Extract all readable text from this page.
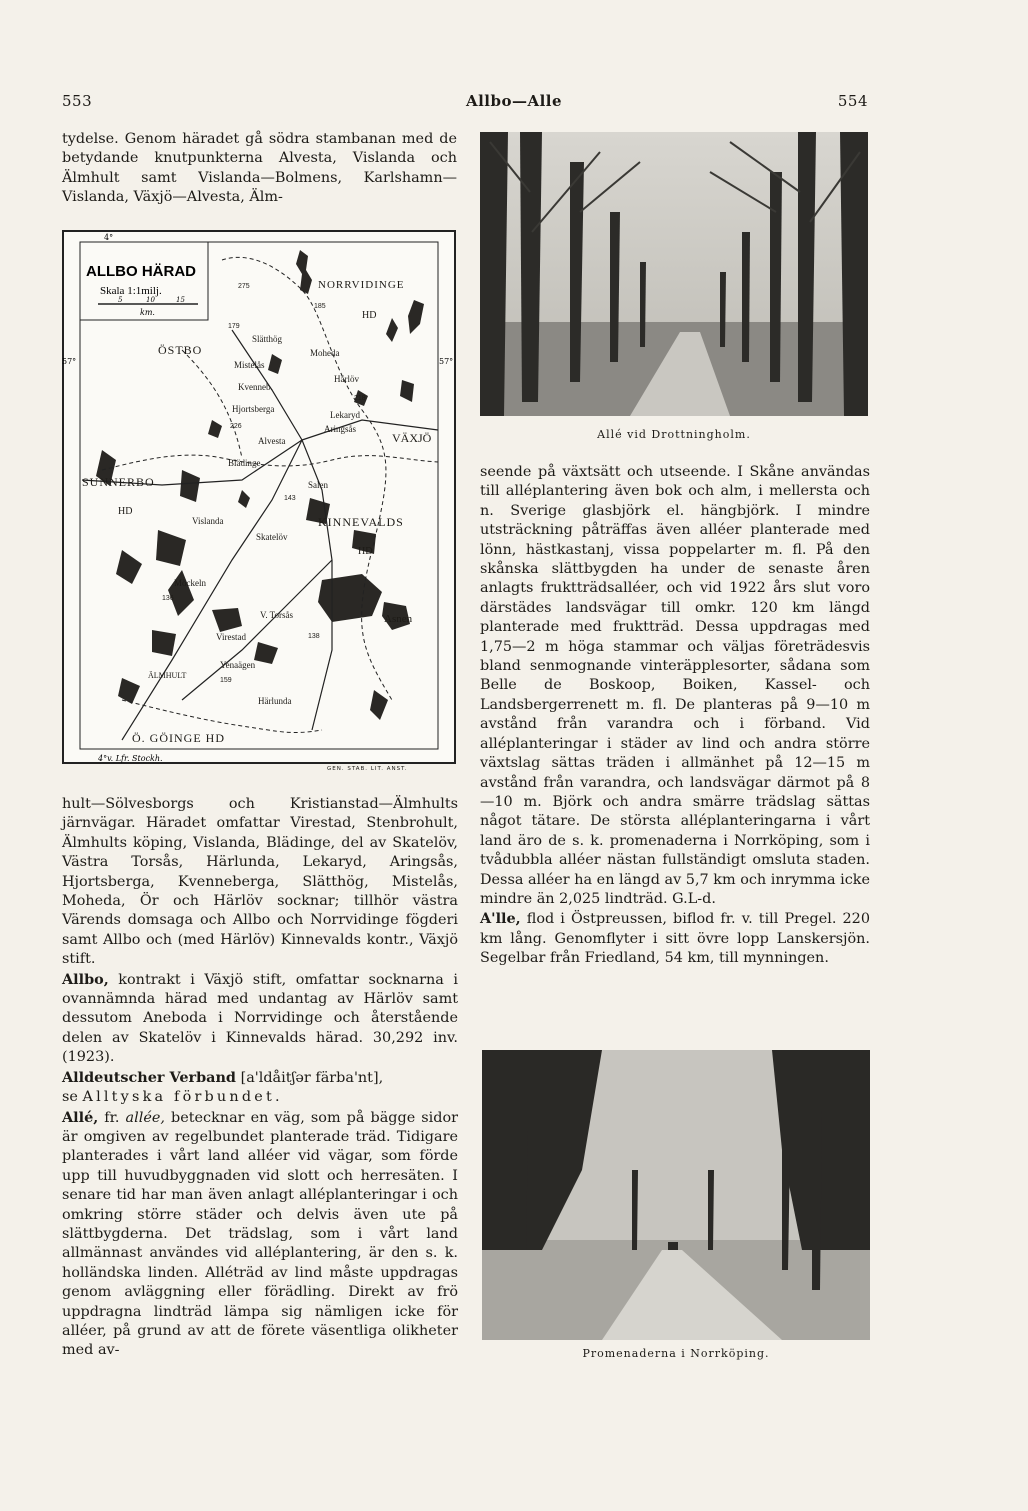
553	Allbo—Alle	554

tydelse. Genom häradet gå södra stambanan med de betydande knutpunkterna Alvesta, Vislanda och Älmhult samt Vislanda—Bolmens, Karlshamn—Vislanda, Växjö—Alvesta, Älm-

ALLBO HÄRAD
Skala 1:1milj.
5	10	15
km.
4°
57°	57°
4°v. Lfr. Stockh.
NORRVIDINGE
HD
ÖSTBO
Slätthög
Mistelås
Moheda
Kvenneb.
Hjortsberga
Härlöv
Lekaryd
Aringsås
Alvesta	VÄXJÖ
SUNNERBO
Blädinge
Salen
Vislanda	KINNEVALDS
HD
HD
Skatelöv
Möckeln
V. Torsås	Asnen
Virestad
Yenaägen
ÄLMHULT
Härlunda
Ö. GÖINGE HD
275
185
179
218
226
143
136
138
159
GEN. STAB. LIT. ANST.

hult—Sölvesborgs och Kristianstad—Älmhults järnvägar. Häradet omfattar Virestad, Stenbrohult, Älmhults köping, Vislanda, Blädinge, del av Skatelöv, Västra Torsås, Härlunda, Lekaryd, Aringsås, Hjortsberga, Kvenneberga, Slätthög, Mistelås, Moheda, Ör och Härlöv socknar; tillhör västra Värends domsaga och Allbo och Norrvidinge fögderi samt Allbo och (med Härlöv) Kinnevalds kontr., Växjö stift.

Allbo, kontrakt i Växjö stift, omfattar socknarna i ovannämnda härad med undantag av Härlöv samt dessutom Aneboda i Norrvidinge och återstående delen av Skatelöv i Kinnevalds härad. 30,292 inv. (1923).

Alldeutscher Verband [a'ldåitʃər färba'nt],
se Alltyska förbundet.

Allé, fr. allée, betecknar en väg, som på bägge sidor är omgiven av regelbundet planterade träd. Tidigare planterades i vårt land alléer vid vägar, som förde upp till huvudbyggnaden vid slott och herresäten. I senare tid har man även anlagt alléplanteringar i och omkring större städer och delvis även ute på slättbygderna. Det trädslag, som i vårt land allmännast användes vid alléplantering, är den s. k. holländska linden. Alléträd av lind måste uppdragas genom avläggning eller förädling. Direkt av frö uppdragna lindträd lämpa sig nämligen icke för alléer, på grund av att de förete väsentliga olikheter med av-

Allé vid Drottningholm.

seende på växtsätt och utseende. I Skåne användas till alléplantering även bok och alm, i mellersta och n. Sverige glasbjörk el. hängbjörk. I mindre utsträckning påträffas även alléer planterade med lönn, hästkastanj, vissa poppelarter m. fl. På den skånska slättbygden ha under de senaste åren anlagts fruktträdsalléer, och vid 1922 års slut voro därstädes landsvägar till omkr. 120 km längd planterade med fruktträd. Dessa uppdragas med 1,75—2 m höga stammar och väljas företrädesvis bland senmognande vinteräpplesorter, sådana som Belle de Boskoop, Boiken, Kassel- och Landsbergerrenett m. fl. De planteras på 9—10 m avstånd från varandra och i förband. Vid alléplanteringar i städer av lind och andra större växtslag sättas träden i allmänhet på 12—15 m avstånd från varandra, och landsvägar därmot på 8—10 m. Björk och andra smärre trädslag sättas något tätare. De största alléplanteringarna i vårt land äro de s. k. promenaderna i Norrköping, som i tvådubbla alléer nästan fullständigt omsluta staden. Dessa alléer ha en längd av 5,7 km och inrymma icke mindre än 2,025 lindträd. G.L-d.

A'lle, flod i Östpreussen, biflod fr. v. till Pregel. 220 km lång. Genomflyter i sitt övre lopp Lanskersjön. Segelbar från Friedland, 54 km, till mynningen.

Promenaderna i Norrköping.
